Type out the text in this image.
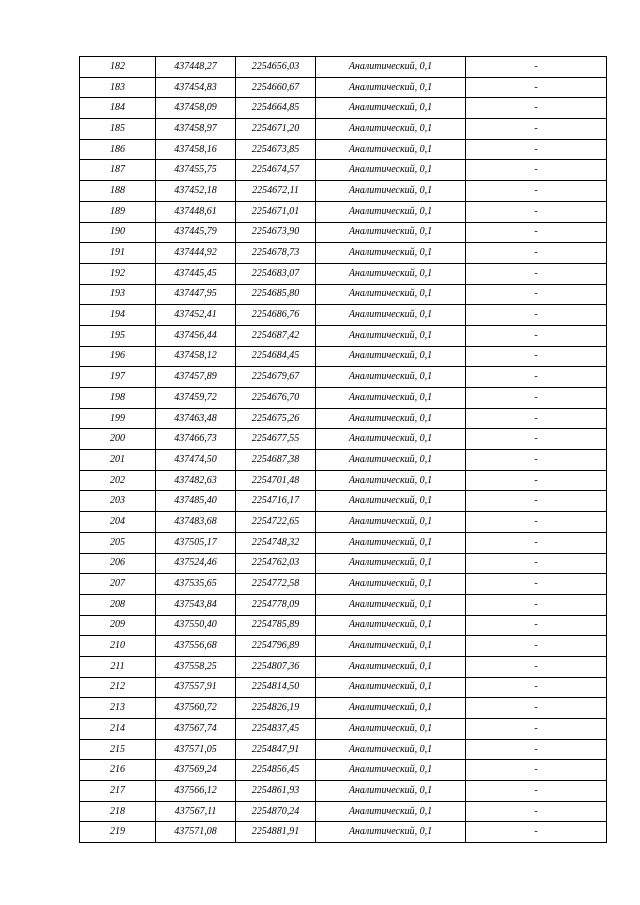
182	437448,27	2254656,03	Аналитический, 0,1	-
183	437454,83	2254660,67	Аналитический, 0,1	-
184	437458,09	2254664,85	Аналитический, 0,1	-
185	437458,97	2254671,20	Аналитический, 0,1	-
186	437458,16	2254673,85	Аналитический, 0,1	-
187	437455,75	2254674,57	Аналитический, 0,1	-
188	437452,18	2254672,11	Аналитический, 0,1	-
189	437448,61	2254671,01	Аналитический, 0,1	-
190	437445,79	2254673,90	Аналитический, 0,1	-
191	437444,92	2254678,73	Аналитический, 0,1	-
192	437445,45	2254683,07	Аналитический, 0,1	-
193	437447,95	2254685,80	Аналитический, 0,1	-
194	437452,41	2254686,76	Аналитический, 0,1	-
195	437456,44	2254687,42	Аналитический, 0,1	-
196	437458,12	2254684,45	Аналитический, 0,1	-
197	437457,89	2254679,67	Аналитический, 0,1	-
198	437459,72	2254676,70	Аналитический, 0,1	-
199	437463,48	2254675,26	Аналитический, 0,1	-
200	437466,73	2254677,55	Аналитический, 0,1	-
201	437474,50	2254687,38	Аналитический, 0,1	-
202	437482,63	2254701,48	Аналитический, 0,1	-
203	437485,40	2254716,17	Аналитический, 0,1	-
204	437483,68	2254722,65	Аналитический, 0,1	-
205	437505,17	2254748,32	Аналитический, 0,1	-
206	437524,46	2254762,03	Аналитический, 0,1	-
207	437535,65	2254772,58	Аналитический, 0,1	-
208	437543,84	2254778,09	Аналитический, 0,1	-
209	437550,40	2254785,89	Аналитический, 0,1	-
210	437556,68	2254796,89	Аналитический, 0,1	-
211	437558,25	2254807,36	Аналитический, 0,1	-
212	437557,91	2254814,50	Аналитический, 0,1	-
213	437560,72	2254826,19	Аналитический, 0,1	-
214	437567,74	2254837,45	Аналитический, 0,1	-
215	437571,05	2254847,91	Аналитический, 0,1	-
216	437569,24	2254856,45	Аналитический, 0,1	-
217	437566,12	2254861,93	Аналитический, 0,1	-
218	437567,11	2254870,24	Аналитический, 0,1	-
219	437571,08	2254881,91	Аналитический, 0,1	-
